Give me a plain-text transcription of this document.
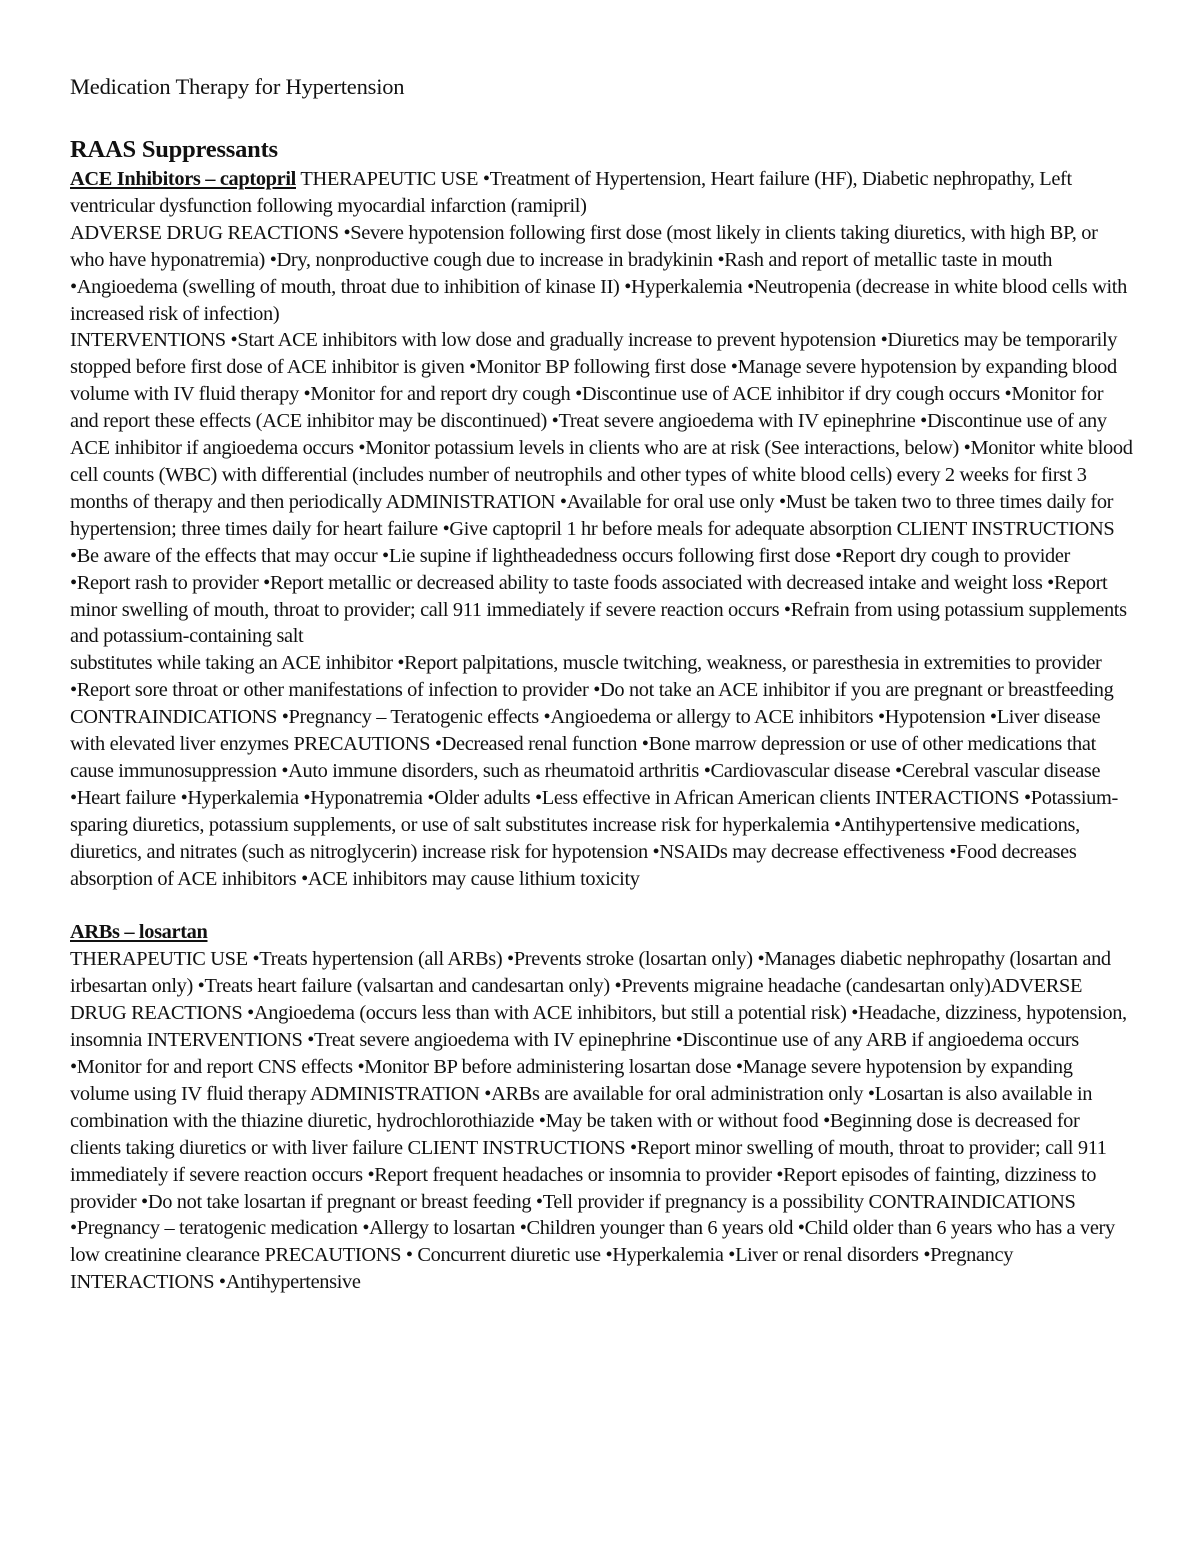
Medication Therapy for Hypertension
RAAS Suppressants

ACE Inhibitors – captopril THERAPEUTIC USE •Treatment of Hypertension, Heart failure (HF), Diabetic nephropathy, Left ventricular dysfunction following myocardial infarction (ramipril)

ADVERSE DRUG REACTIONS •Severe hypotension following first dose (most likely in clients taking diuretics, with high BP, or who have hyponatremia) •Dry, nonproductive cough due to increase in bradykinin •Rash and report of metallic taste in mouth •Angioedema (swelling of mouth, throat due to inhibition of kinase II) •Hyperkalemia •Neutropenia (decrease in white blood cells with increased risk of infection)

INTERVENTIONS •Start ACE inhibitors with low dose and gradually increase to prevent hypotension •Diuretics may be temporarily stopped before first dose of ACE inhibitor is given •Monitor BP following first dose •Manage severe hypotension by expanding blood volume with IV fluid therapy •Monitor for and report dry cough •Discontinue use of ACE inhibitor if dry cough occurs •Monitor for and report these effects (ACE inhibitor may be discontinued) •Treat severe angioedema with IV epinephrine •Discontinue use of any ACE inhibitor if angioedema occurs •Monitor potassium levels in clients who are at risk (See interactions, below) •Monitor white blood cell counts (WBC) with differential (includes number of neutrophils and other types of white blood cells) every 2 weeks for first 3 months of therapy and then periodically ADMINISTRATION •Available for oral use only •Must be taken two to three times daily for hypertension; three times daily for heart failure •Give captopril 1 hr before meals for adequate absorption CLIENT INSTRUCTIONS •Be aware of the effects that may occur •Lie supine if lightheadedness occurs following first dose •Report dry cough to provider •Report rash to provider •Report metallic or decreased ability to taste foods associated with decreased intake and weight loss •Report minor swelling of mouth, throat to provider; call 911 immediately if severe reaction occurs •Refrain from using potassium supplements and potassium-containing salt

substitutes while taking an ACE inhibitor •Report palpitations, muscle twitching, weakness, or paresthesia in extremities to provider •Report sore throat or other manifestations of infection to provider •Do not take an ACE inhibitor if you are pregnant or breastfeeding CONTRAINDICATIONS •Pregnancy – Teratogenic effects •Angioedema or allergy to ACE inhibitors •Hypotension •Liver disease with elevated liver enzymes PRECAUTIONS •Decreased renal function •Bone marrow depression or use of other medications that cause immunosuppression •Auto immune disorders, such as rheumatoid arthritis •Cardiovascular disease •Cerebral vascular disease •Heart failure •Hyperkalemia •Hyponatremia •Older adults •Less effective in African American clients INTERACTIONS •Potassium-sparing diuretics, potassium supplements, or use of salt substitutes increase risk for hyperkalemia •Antihypertensive medications, diuretics, and nitrates (such as nitroglycerin) increase risk for hypotension •NSAIDs may decrease effectiveness •Food decreases absorption of ACE inhibitors •ACE inhibitors may cause lithium toxicity

ARBs – losartan

THERAPEUTIC USE •Treats hypertension (all ARBs) •Prevents stroke (losartan only) •Manages diabetic nephropathy (losartan and irbesartan only) •Treats heart failure (valsartan and candesartan only) •Prevents migraine headache (candesartan only)ADVERSE DRUG REACTIONS •Angioedema (occurs less than with ACE inhibitors, but still a potential risk) •Headache, dizziness, hypotension, insomnia INTERVENTIONS •Treat severe angioedema with IV epinephrine •Discontinue use of any ARB if angioedema occurs •Monitor for and report CNS effects •Monitor BP before administering losartan dose •Manage severe hypotension by expanding volume using IV fluid therapy ADMINISTRATION •ARBs are available for oral administration only •Losartan is also available in combination with the thiazine diuretic, hydrochlorothiazide •May be taken with or without food •Beginning dose is decreased for clients taking diuretics or with liver failure CLIENT INSTRUCTIONS •Report minor swelling of mouth, throat to provider; call 911 immediately if severe reaction occurs •Report frequent headaches or insomnia to provider •Report episodes of fainting, dizziness to provider •Do not take losartan if pregnant or breast feeding •Tell provider if pregnancy is a possibility CONTRAINDICATIONS •Pregnancy – teratogenic medication •Allergy to losartan •Children younger than 6 years old •Child older than 6 years who has a very low creatinine clearance PRECAUTIONS • Concurrent diuretic use •Hyperkalemia •Liver or renal disorders •Pregnancy INTERACTIONS •Antihypertensive
